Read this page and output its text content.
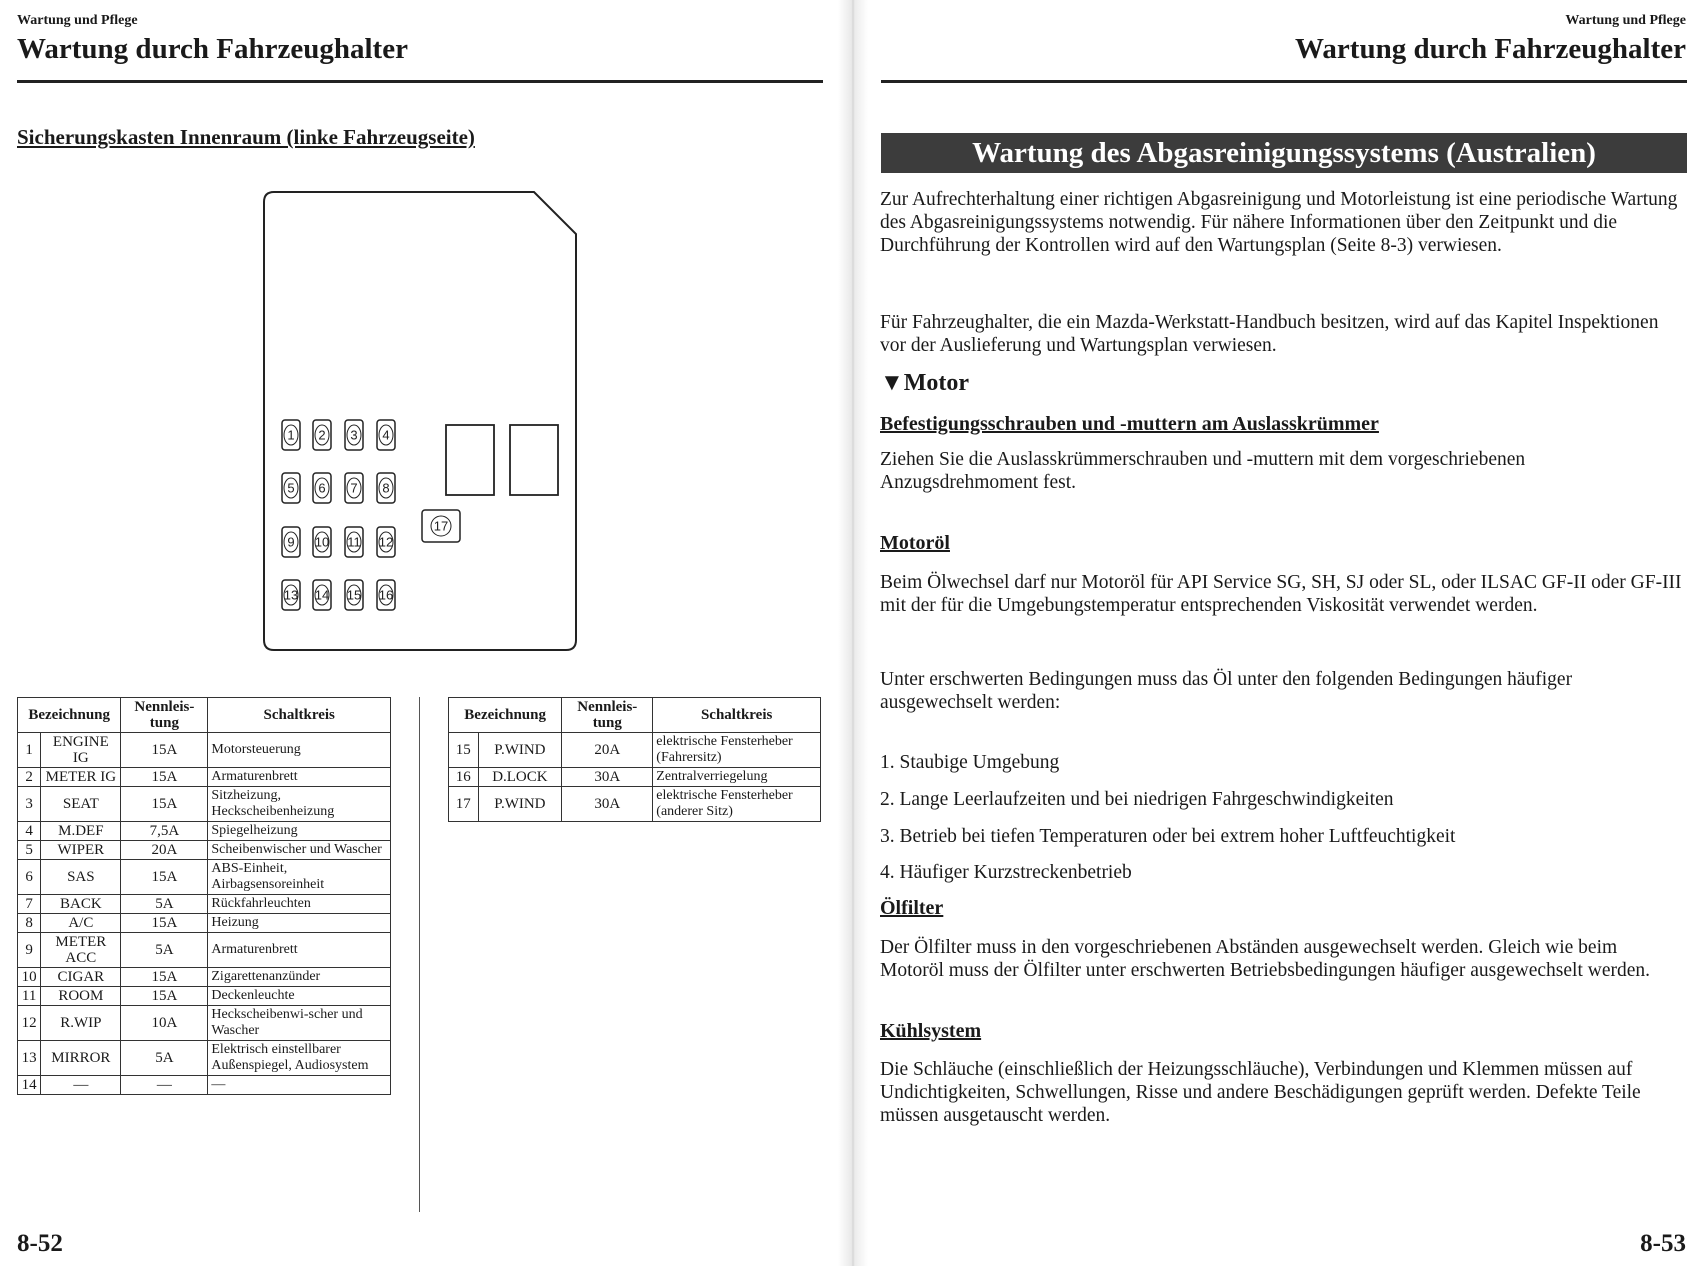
Wartung und Pflege
Wartung durch Fahrzeughalter
Sicherungskasten Innenraum (linke Fahrzeugseite)
1 2 3 4
5 6 7 8
9 10 11 12
13 14 15 16
17
Bezeichnung		Nennleis-
tung	Schaltkreis
1	ENGINE IG	15A	Motorsteuerung
2	METER IG	15A	Armaturenbrett
3	SEAT	15A	Sitzheizung, Heckscheibenheizung
4	M.DEF	7,5A	Spiegelheizung
5	WIPER	20A	Scheibenwischer und Wascher
6	SAS	15A	ABS-Einheit, Airbagsensoreinheit
7	BACK	5A	Rückfahrleuchten
8	A/C	15A	Heizung
9	METER ACC	5A	Armaturenbrett
10	CIGAR	15A	Zigarettenanzünder
11	ROOM	15A	Deckenleuchte
12	R.WIP	10A	Heckscheibenwi-scher und Wascher
13	MIRROR	5A	Elektrisch einstellbarer Außenspiegel, Audiosystem
14	—	—	—
Bezeichnung		Nennleis-
tung	Schaltkreis
15	P.WIND	20A	elektrische Fensterheber (Fahrersitz)
16	D.LOCK	30A	Zentralverriegelung
17	P.WIND	30A	elektrische Fensterheber (anderer Sitz)
8-52
Wartung und Pflege
Wartung durch Fahrzeughalter
Wartung des Abgasreinigungssystems (Australien)

Zur Aufrechterhaltung einer richtigen Abgasreinigung und Motorleistung ist eine periodische Wartung des Abgasreinigungssystems notwendig. Für nähere Informationen über den Zeitpunkt und die Durchführung der Kontrollen wird auf den Wartungsplan (Seite 8-3) verwiesen.

Für Fahrzeughalter, die ein Mazda-Werkstatt-Handbuch besitzen, wird auf das Kapitel Inspektionen vor der Auslieferung und Wartungsplan verwiesen.

▼Motor
Befestigungsschrauben und -muttern am Auslasskrümmer

Ziehen Sie die Auslasskrümmerschrauben und -muttern mit dem vorgeschriebenen Anzugsdrehmoment fest.

Motoröl

Beim Ölwechsel darf nur Motoröl für API Service SG, SH, SJ oder SL, oder ILSAC GF-II oder GF-III mit der für die Umgebungstemperatur entsprechenden Viskosität verwendet werden.

Unter erschwerten Bedingungen muss das Öl unter den folgenden Bedingungen häufiger ausgewechselt werden:

1. Staubige Umgebung
2. Lange Leerlaufzeiten und bei niedrigen Fahrgeschwindigkeiten
3. Betrieb bei tiefen Temperaturen oder bei extrem hoher Luftfeuchtigkeit
4. Häufiger Kurzstreckenbetrieb
Ölfilter

Der Ölfilter muss in den vorgeschriebenen Abständen ausgewechselt werden. Gleich wie beim Motoröl muss der Ölfilter unter erschwerten Betriebsbedingungen häufiger ausgewechselt werden.

Kühlsystem

Die Schläuche (einschließlich der Heizungsschläuche), Verbindungen und Klemmen müssen auf Undichtigkeiten, Schwellungen, Risse und andere Beschädigungen geprüft werden. Defekte Teile müssen ausgetauscht werden.

8-53
